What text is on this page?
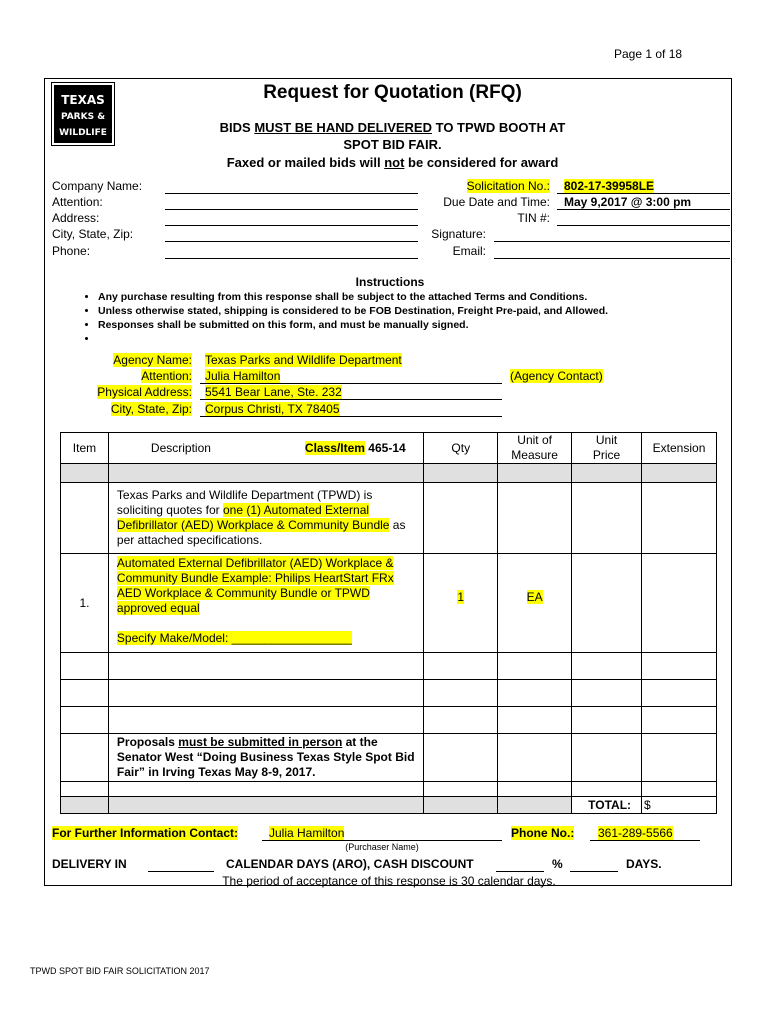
Page 1 of 18
TEXAS
PARKS &
WILDLIFE
Request for Quotation (RFQ)
BIDS MUST BE HAND DELIVERED TO TPWD BOOTH AT
SPOT BID FAIR.
Faxed or mailed bids will not be considered for award
Company Name:
Attention:
Address:
City, State, Zip:
Phone:
Solicitation No.: 802-17-39958LE
Due Date and Time: May 9,2017 @ 3:00 pm
TIN #:
Signature:
Email:
Instructions
• Any purchase resulting from this response shall be subject to the attached Terms and Conditions.
• Unless otherwise stated, shipping is considered to be FOB Destination, Freight Pre-paid, and Allowed.
• Responses shall be submitted on this form, and must be manually signed.
•
Agency Name: Texas Parks and Wildlife Department
Attention: Julia Hamilton	(Agency Contact)
Physical Address: 5541 Bear Lane, Ste. 232
City, State, Zip: Corpus Christi, TX 78405
Item	Description Class/Item 465-14	Qty	Unit of Measure	Unit Price	Extension

	Texas Parks and Wildlife Department (TPWD) is soliciting quotes for one (1) Automated External Defibrillator (AED) Workplace & Community Bundle as per attached specifications.				
1.	Automated External Defibrillator (AED) Workplace & Community Bundle Example: Philips HeartStart FRx AED Workplace & Community Bundle or TPWD approved equal

Specify Make/Model: __________________	1	EA		

	Proposals must be submitted in person at the Senator West “Doing Business Texas Style Spot Bid Fair” in Irving Texas May 8-9, 2017.				

				TOTAL:	$
For Further Information Contact:	Julia Hamilton
(Purchaser Name)
Phone No.: 361-289-5566
DELIVERY IN	CALENDAR DAYS (ARO), CASH DISCOUNT	%	DAYS.
The period of acceptance of this response is 30 calendar days.
TPWD SPOT BID FAIR SOLICITATION 2017
